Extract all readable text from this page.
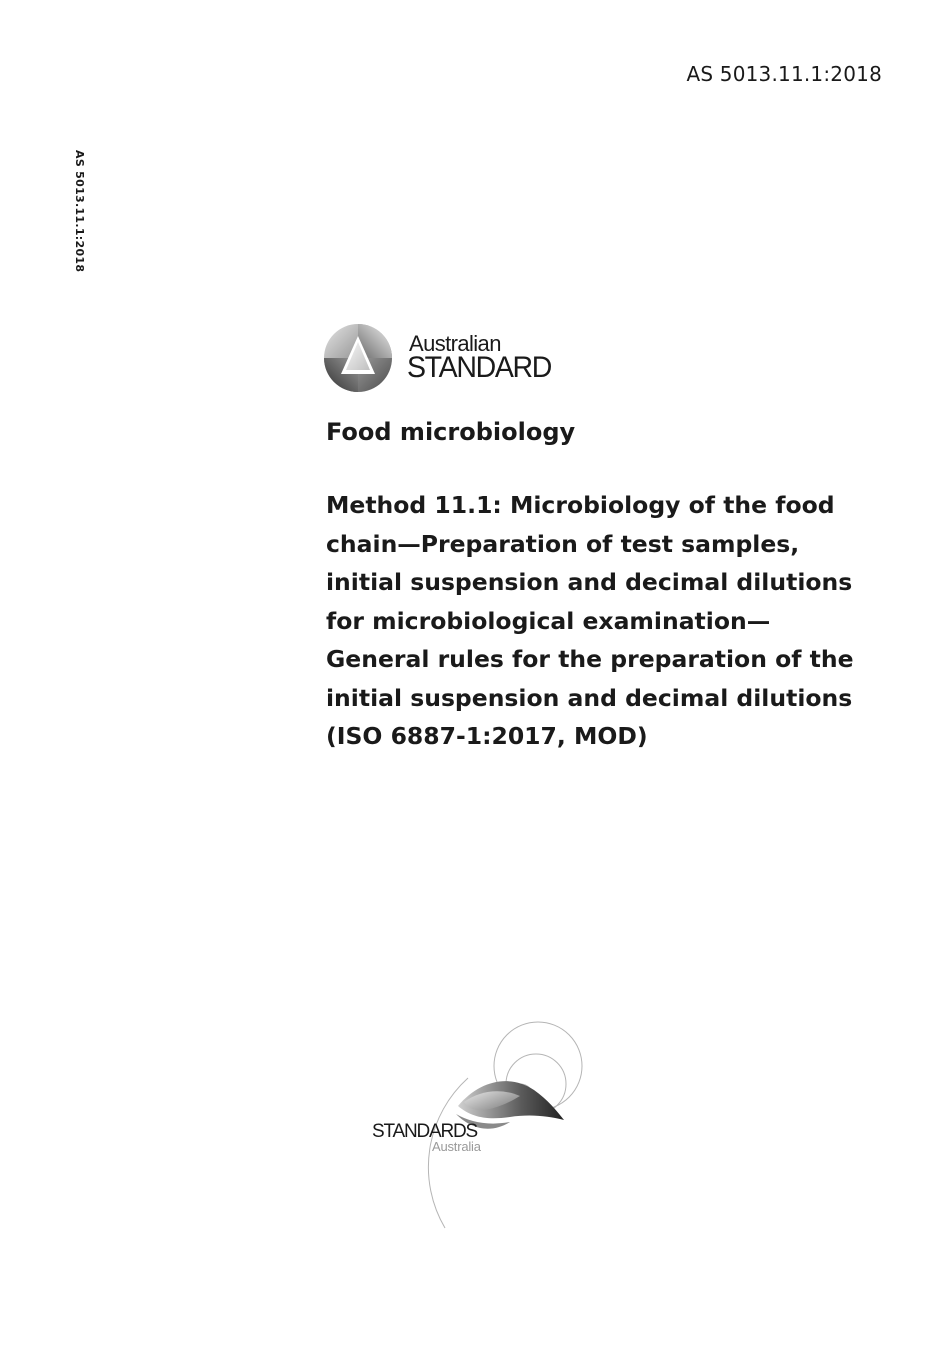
AS 5013.11.1:2018
AS 5013.11.1:2018
Australian
STANDARD
Food microbiology
Method 11.1: Microbiology of the food
chain—Preparation of test samples,
initial suspension and decimal dilutions
for microbiological examination—
General rules for the preparation of the
initial suspension and decimal dilutions
(ISO 6887-1:2017, MOD)
STANDARDS
Australia
